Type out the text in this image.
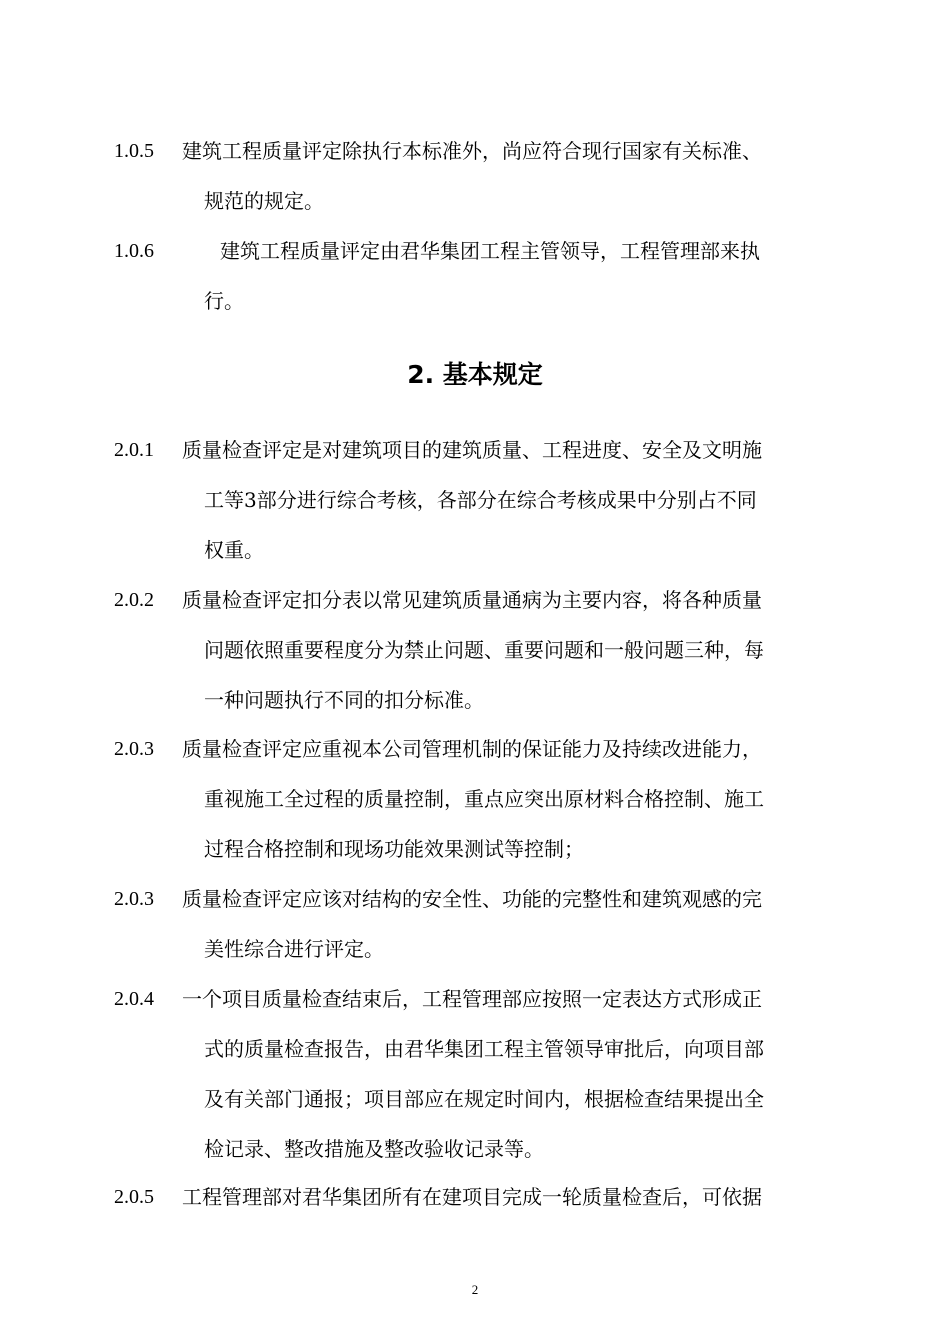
1.0.5 建筑工程质量评定除执行本标准外，尚应符合现行国家有关标准、
规范的规定。
1.0.6	建筑工程质量评定由君华集团工程主管领导，工程管理部来执
行。
2. 基本规定
2.0.1 质量检查评定是对建筑项目的建筑质量、工程进度、安全及文明施
工等3部分进行综合考核，各部分在综合考核成果中分别占不同
权重。
2.0.2 质量检查评定扣分表以常见建筑质量通病为主要内容，将各种质量
问题依照重要程度分为禁止问题、重要问题和一般问题三种，每
一种问题执行不同的扣分标准。
2.0.3 质量检查评定应重视本公司管理机制的保证能力及持续改进能力，
重视施工全过程的质量控制，重点应突出原材料合格控制、施工
过程合格控制和现场功能效果测试等控制；
2.0.3 质量检查评定应该对结构的安全性、功能的完整性和建筑观感的完
美性综合进行评定。
2.0.4 一个项目质量检查结束后，工程管理部应按照一定表达方式形成正
式的质量检查报告，由君华集团工程主管领导审批后，向项目部
及有关部门通报；项目部应在规定时间内，根据检查结果提出全
检记录、整改措施及整改验收记录等。
2.0.5 工程管理部对君华集团所有在建项目完成一轮质量检查后，可依据
2
